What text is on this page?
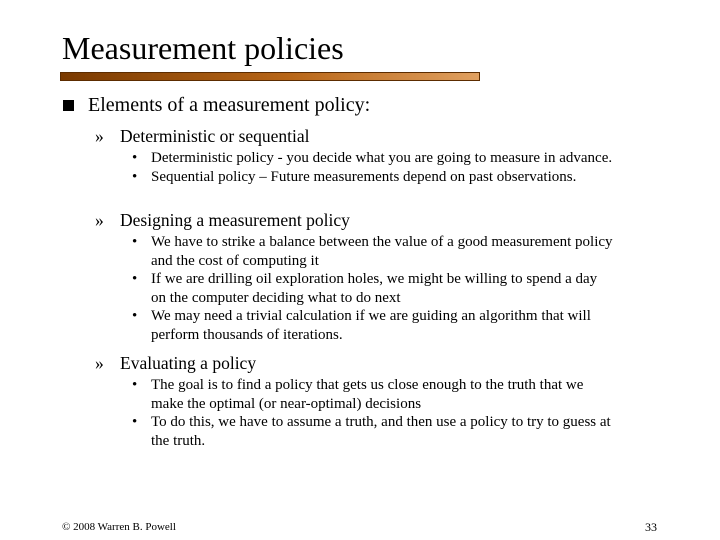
Measurement policies
Elements of a measurement policy:
» Deterministic or sequential
• Deterministic policy - you decide what you are going to measure in advance.
• Sequential policy – Future measurements depend on past observations.
» Designing a measurement policy
• We have to strike a balance between the value of a good measurement policy and the cost of computing it
• If we are drilling oil exploration holes, we might be willing to spend a day on the computer deciding what to do next
• We may need a trivial calculation if we are guiding an algorithm that will perform thousands of iterations.
» Evaluating a policy
• The goal is to find a policy that gets us close enough to the truth that we make the optimal (or near-optimal) decisions
• To do this, we have to assume a truth, and then use a policy to try to guess at the truth.
© 2008 Warren B. Powell	33
